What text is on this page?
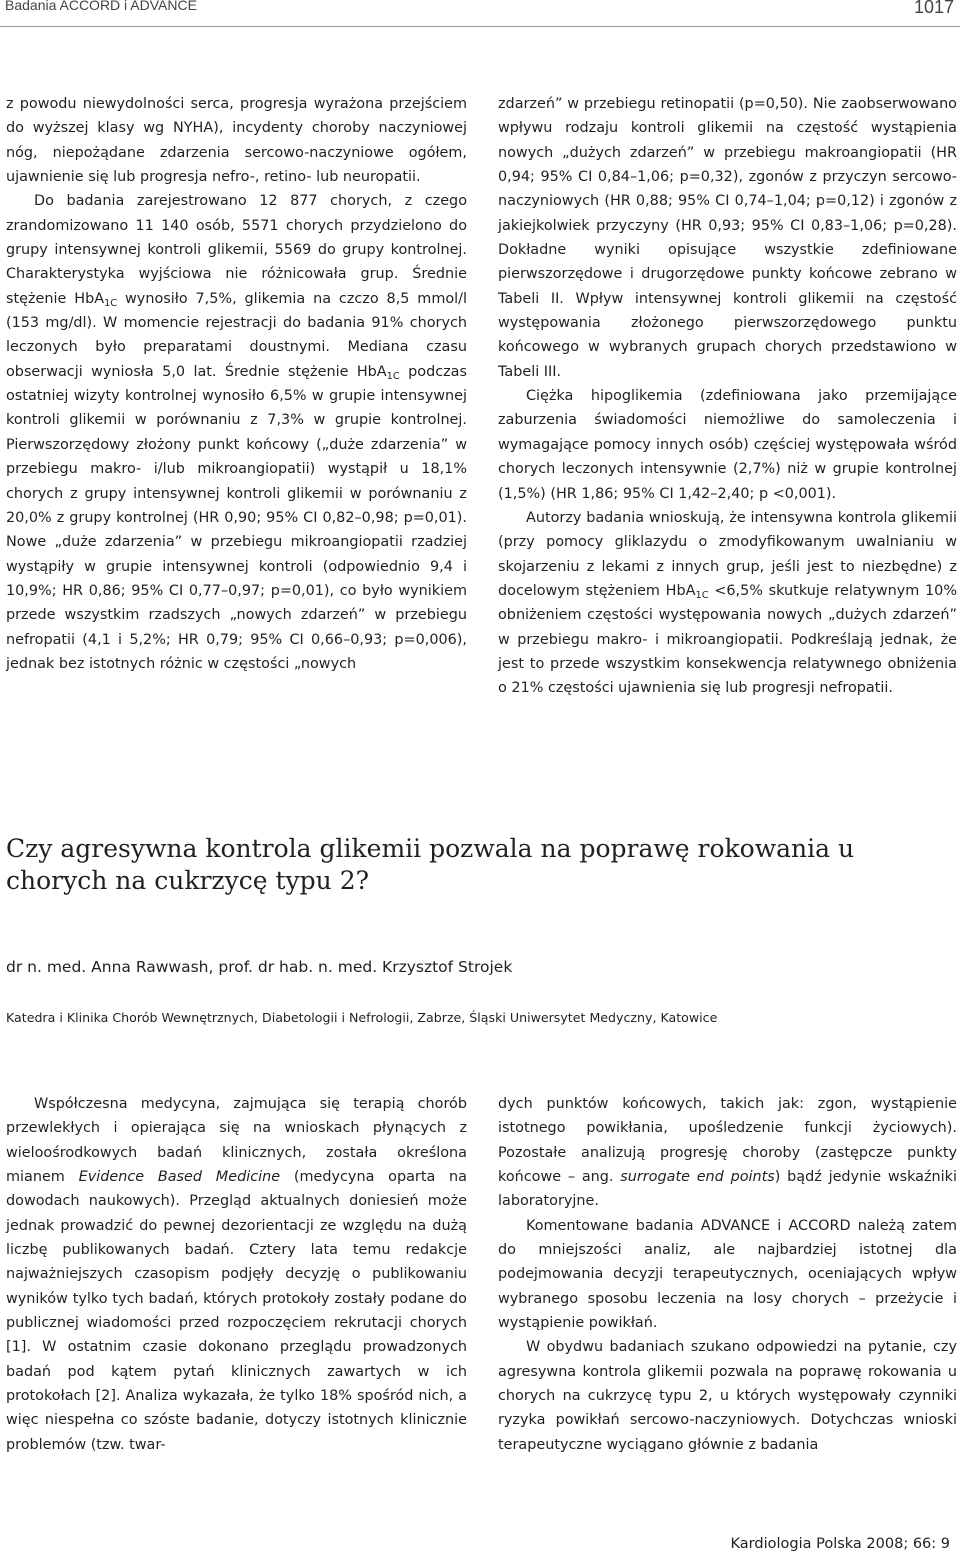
Badania ACCORD i ADVANCE	1017

z powodu niewydolności serca, progresja wyrażona przejściem do wyższej klasy wg NYHA), incydenty choroby naczyniowej nóg, niepożądane zdarzenia sercowo-naczyniowe ogółem, ujawnienie się lub progresja nefro-, retino- lub neuropatii.

Do badania zarejestrowano 12 877 chorych, z czego zrandomizowano 11 140 osób, 5571 chorych przydzielono do grupy intensywnej kontroli glikemii, 5569 do grupy kontrolnej. Charakterystyka wyjściowa nie różnicowała grup. Średnie stężenie HbA$_{1C}$ wynosiło 7,5%, glikemia na czczo 8,5 mmol/l (153 mg/dl). W momencie rejestracji do badania 91% chorych leczonych było preparatami doustnymi. Mediana czasu obserwacji wyniosła 5,0 lat. Średnie stężenie HbA$_{1C}$ podczas ostatniej wizyty kontrolnej wynosiło 6,5% w grupie intensywnej kontroli glikemii w porównaniu z 7,3% w grupie kontrolnej. Pierwszorzędowy złożony punkt końcowy („duże zdarzenia” w przebiegu makro- i/lub mikroangiopatii) wystąpił u 18,1% chorych z grupy intensywnej kontroli glikemii w porównaniu z 20,0% z grupy kontrolnej (HR 0,90; 95% CI 0,82–0,98; p=0,01). Nowe „duże zdarzenia” w przebiegu mikroangiopatii rzadziej wystąpiły w grupie intensywnej kontroli (odpowiednio 9,4 i 10,9%; HR 0,86; 95% CI 0,77–0,97; p=0,01), co było wynikiem przede wszystkim rzadszych „nowych zdarzeń” w przebiegu nefropatii (4,1 i 5,2%; HR 0,79; 95% CI 0,66–0,93; p=0,006), jednak bez istotnych różnic w częstości „nowych

zdarzeń” w przebiegu retinopatii (p=0,50). Nie zaobserwowano wpływu rodzaju kontroli glikemii na częstość wystąpienia nowych „dużych zdarzeń” w przebiegu makroangiopatii (HR 0,94; 95% CI 0,84–1,06; p=0,32), zgonów z przyczyn sercowo-naczyniowych (HR 0,88; 95% CI 0,74–1,04; p=0,12) i zgonów z jakiejkolwiek przyczyny (HR 0,93; 95% CI 0,83–1,06; p=0,28). Dokładne wyniki opisujące wszystkie zdefiniowane pierwszorzędowe i drugorzędowe punkty końcowe zebrano w Tabeli II. Wpływ intensywnej kontroli glikemii na częstość występowania złożonego pierwszorzędowego punktu końcowego w wybranych grupach chorych przedstawiono w Tabeli III.

Ciężka hipoglikemia (zdefiniowana jako przemijające zaburzenia świadomości niemożliwe do samoleczenia i wymagające pomocy innych osób) częściej występowała wśród chorych leczonych intensywnie (2,7%) niż w grupie kontrolnej (1,5%) (HR 1,86; 95% CI 1,42–2,40; p <0,001).

Autorzy badania wnioskują, że intensywna kontrola glikemii (przy pomocy gliklazydu o zmodyfikowanym uwalnianiu w skojarzeniu z lekami z innych grup, jeśli jest to niezbędne) z docelowym stężeniem HbA$_{1C}$ <6,5% skutkuje relatywnym 10% obniżeniem częstości występowania nowych „dużych zdarzeń” w przebiegu makro- i mikroangiopatii. Podkreślają jednak, że jest to przede wszystkim konsekwencja relatywnego obniżenia o 21% częstości ujawnienia się lub progresji nefropatii.

Czy agresywna kontrola glikemii pozwala na poprawę rokowania u chorych na cukrzycę typu 2?
dr n. med. Anna Rawwash, prof. dr hab. n. med. Krzysztof Strojek
Katedra i Klinika Chorób Wewnętrznych, Diabetologii i Nefrologii, Zabrze, Śląski Uniwersytet Medyczny, Katowice

Współczesna medycyna, zajmująca się terapią chorób przewlekłych i opierająca się na wnioskach płynących z wieloośrodkowych badań klinicznych, została określona mianem Evidence Based Medicine (medycyna oparta na dowodach naukowych). Przegląd aktualnych doniesień może jednak prowadzić do pewnej dezorientacji ze względu na dużą liczbę publikowanych badań. Cztery lata temu redakcje najważniejszych czasopism podjęły decyzję o publikowaniu wyników tylko tych badań, których protokoły zostały podane do publicznej wiadomości przed rozpoczęciem rekrutacji chorych [1]. W ostatnim czasie dokonano przeglądu prowadzonych badań pod kątem pytań klinicznych zawartych w ich protokołach [2]. Analiza wykazała, że tylko 18% spośród nich, a więc niespełna co szóste badanie, dotyczy istotnych klinicznie problemów (tzw. twar-

dych punktów końcowych, takich jak: zgon, wystąpienie istotnego powikłania, upośledzenie funkcji życiowych). Pozostałe analizują progresję choroby (zastępcze punkty końcowe – ang. surrogate end points) bądź jedynie wskaźniki laboratoryjne.

Komentowane badania ADVANCE i ACCORD należą zatem do mniejszości analiz, ale najbardziej istotnej dla podejmowania decyzji terapeutycznych, oceniających wpływ wybranego sposobu leczenia na losy chorych – przeżycie i wystąpienie powikłań.

W obydwu badaniach szukano odpowiedzi na pytanie, czy agresywna kontrola glikemii pozwala na poprawę rokowania u chorych na cukrzycę typu 2, u których występowały czynniki ryzyka powikłań sercowo-naczyniowych. Dotychczas wnioski terapeutyczne wyciągano głównie z badania

Kardiologia Polska 2008; 66: 9
